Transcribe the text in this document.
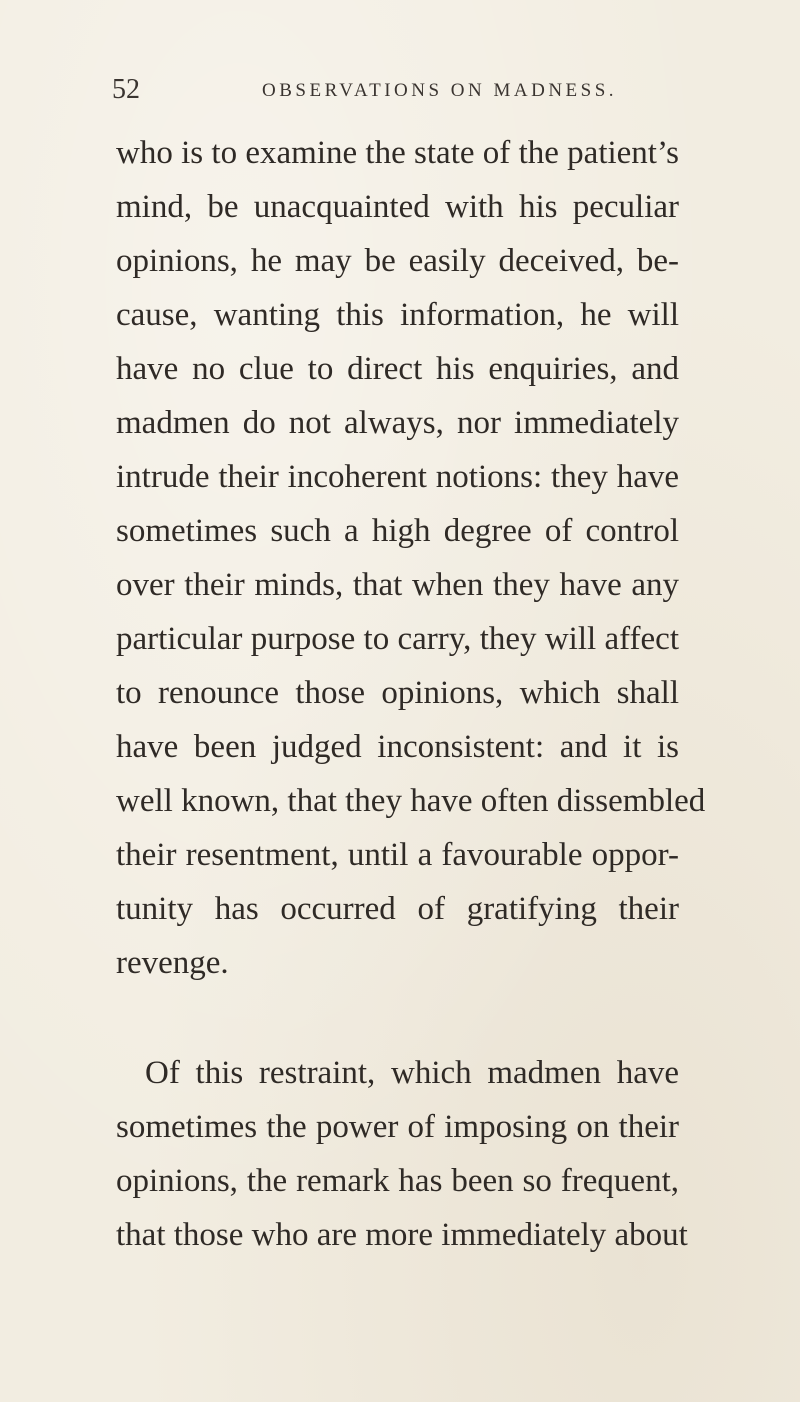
52	OBSERVATIONS ON MADNESS.
who is to examine the state of the patient’s
mind, be unacquainted with his peculiar
opinions, he may be easily deceived, be-
cause, wanting this information, he will
have no clue to direct his enquiries, and
madmen do not always, nor immediately
intrude their incoherent notions: they have
sometimes such a high degree of control
over their minds, that when they have any
particular purpose to carry, they will affect
to renounce those opinions, which shall
have been judged inconsistent: and it is
well known, that they have often dissembled
their resentment, until a favourable oppor-
tunity has occurred of gratifying their
revenge.
Of this restraint, which madmen have
sometimes the power of imposing on their
opinions, the remark has been so frequent,
that those who are more immediately about
